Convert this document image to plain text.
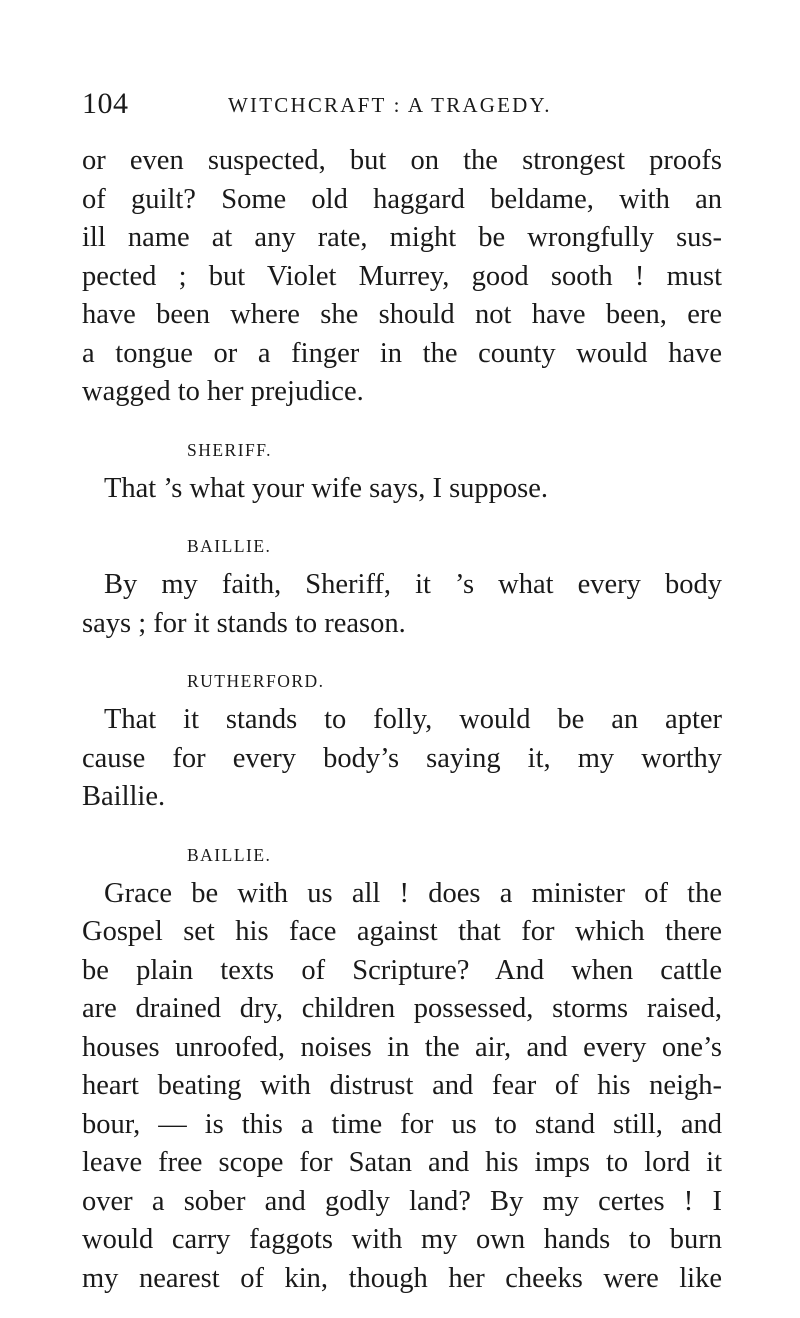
104	WITCHCRAFT : A TRAGEDY.
or even suspected, but on the strongest proofs
of guilt? Some old haggard beldame, with an
ill name at any rate, might be wrongfully sus-
pected ; but Violet Murrey, good sooth ! must
have been where she should not have been, ere
a tongue or a finger in the county would have
wagged to her prejudice.
SHERIFF.
That ’s what your wife says, I suppose.
BAILLIE.
By my faith, Sheriff, it ’s what every body
says ; for it stands to reason.
RUTHERFORD.
That it stands to folly, would be an apter
cause for every body’s saying it, my worthy
Baillie.
BAILLIE.
Grace be with us all ! does a minister of the
Gospel set his face against that for which there
be plain texts of Scripture? And when cattle
are drained dry, children possessed, storms raised,
houses unroofed, noises in the air, and every one’s
heart beating with distrust and fear of his neigh-
bour, — is this a time for us to stand still, and
leave free scope for Satan and his imps to lord it
over a sober and godly land? By my certes ! I
would carry faggots with my own hands to burn
my nearest of kin, though her cheeks were like
